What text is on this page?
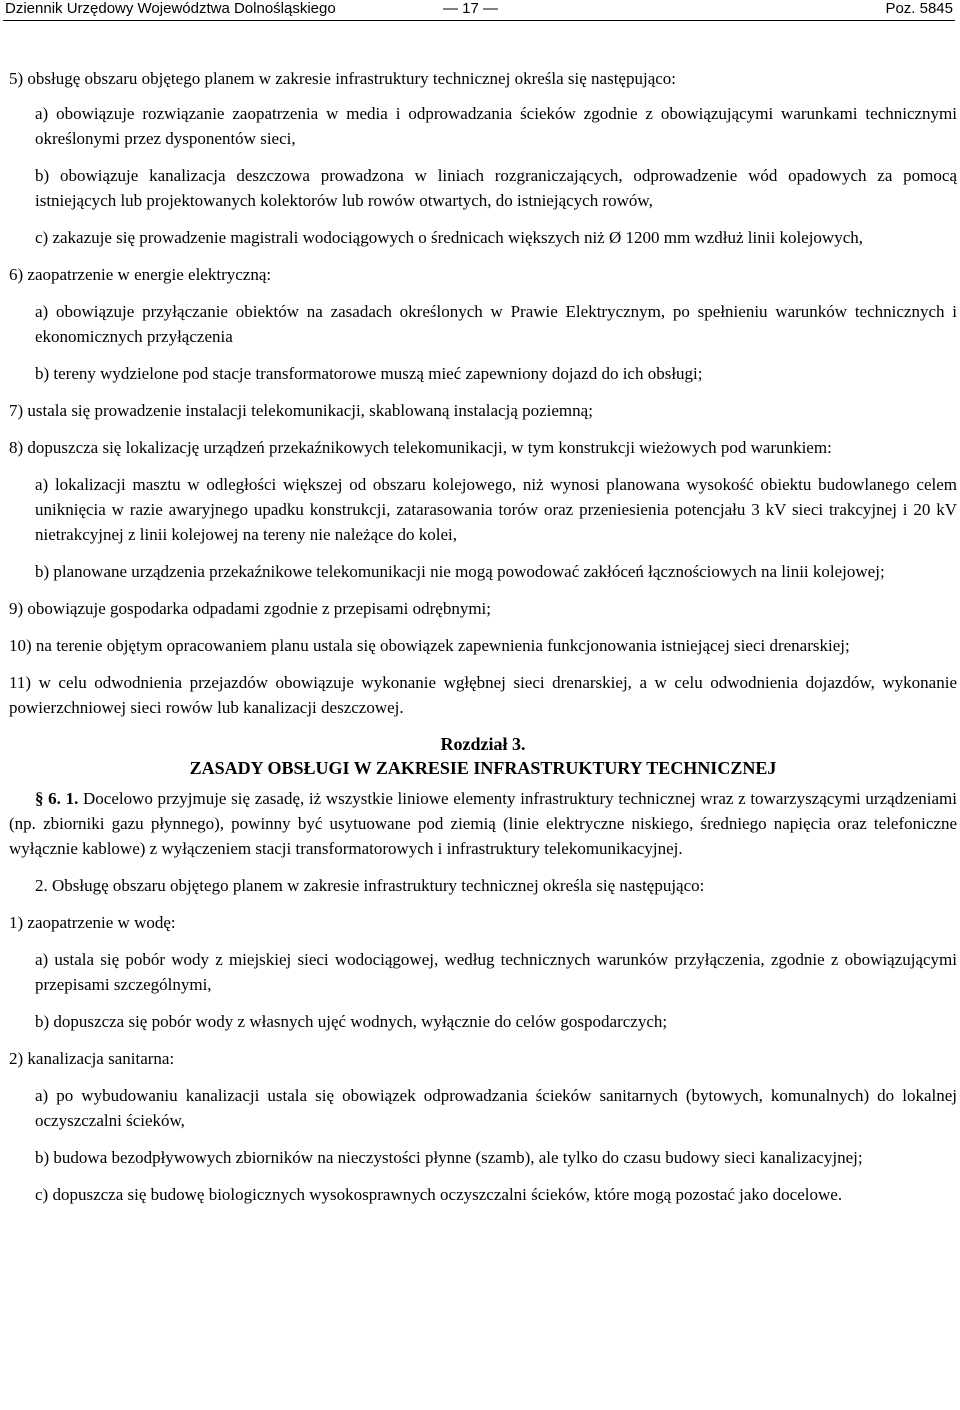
Dziennik Urzędowy Województwa Dolnośląskiego	— 17 —	Poz. 5845

5) obsługę obszaru objętego planem w zakresie infrastruktury technicznej określa się następująco:

a) obowiązuje rozwiązanie zaopatrzenia w media i odprowadzania ścieków zgodnie z obowiązującymi warunkami technicznymi określonymi przez dysponentów sieci,

b) obowiązuje kanalizacja deszczowa prowadzona w liniach rozgraniczających, odprowadzenie wód opadowych za pomocą istniejących lub projektowanych kolektorów lub rowów otwartych, do istniejących rowów,

c) zakazuje się prowadzenie magistrali wodociągowych o średnicach większych niż Ø 1200 mm wzdłuż linii kolejowych,

6) zaopatrzenie w energie elektryczną:

a) obowiązuje przyłączanie obiektów na zasadach określonych w Prawie Elektrycznym, po spełnieniu warunków technicznych i ekonomicznych przyłączenia

b) tereny wydzielone pod stacje transformatorowe muszą mieć zapewniony dojazd do ich obsługi;

7) ustala się prowadzenie instalacji telekomunikacji, skablowaną instalacją poziemną;

8) dopuszcza się lokalizację urządzeń przekaźnikowych telekomunikacji, w tym konstrukcji wieżowych pod warunkiem:

a) lokalizacji masztu w odległości większej od obszaru kolejowego, niż wynosi planowana wysokość obiektu budowlanego celem uniknięcia w razie awaryjnego upadku konstrukcji, zatarasowania torów oraz przeniesienia potencjału 3 kV sieci trakcyjnej i 20 kV nietrakcyjnej z linii kolejowej na tereny nie należące do kolei,

b) planowane urządzenia przekaźnikowe telekomunikacji nie mogą powodować zakłóceń łącznościowych na linii kolejowej;

9) obowiązuje gospodarka odpadami zgodnie z przepisami odrębnymi;

10) na terenie objętym opracowaniem planu ustala się obowiązek zapewnienia funkcjonowania istniejącej sieci drenarskiej;

11) w celu odwodnienia przejazdów obowiązuje wykonanie wgłębnej sieci drenarskiej, a w celu odwodnienia dojazdów, wykonanie powierzchniowej sieci rowów lub kanalizacji deszczowej.

Rozdział 3.

ZASADY OBSŁUGI W ZAKRESIE INFRASTRUKTURY TECHNICZNEJ

§ 6. 1. Docelowo przyjmuje się zasadę, iż wszystkie liniowe elementy infrastruktury technicznej wraz z towarzyszącymi urządzeniami (np. zbiorniki gazu płynnego), powinny być usytuowane pod ziemią (linie elektryczne niskiego, średniego napięcia oraz telefoniczne wyłącznie kablowe) z wyłączeniem stacji transformatorowych i infrastruktury telekomunikacyjnej.

2. Obsługę obszaru objętego planem w zakresie infrastruktury technicznej określa się następująco:

1) zaopatrzenie w wodę:

a) ustala się pobór wody z miejskiej sieci wodociągowej, według technicznych warunków przyłączenia, zgodnie z obowiązującymi przepisami szczególnymi,

b) dopuszcza się pobór wody z własnych ujęć wodnych, wyłącznie do celów gospodarczych;

2) kanalizacja sanitarna:

a) po wybudowaniu kanalizacji ustala się obowiązek odprowadzania ścieków sanitarnych (bytowych, komunalnych) do lokalnej oczyszczalni ścieków,

b) budowa bezodpływowych zbiorników na nieczystości płynne (szamb), ale tylko do czasu budowy sieci kanalizacyjnej;

c) dopuszcza się budowę biologicznych wysokosprawnych oczyszczalni ścieków, które mogą pozostać jako docelowe.
